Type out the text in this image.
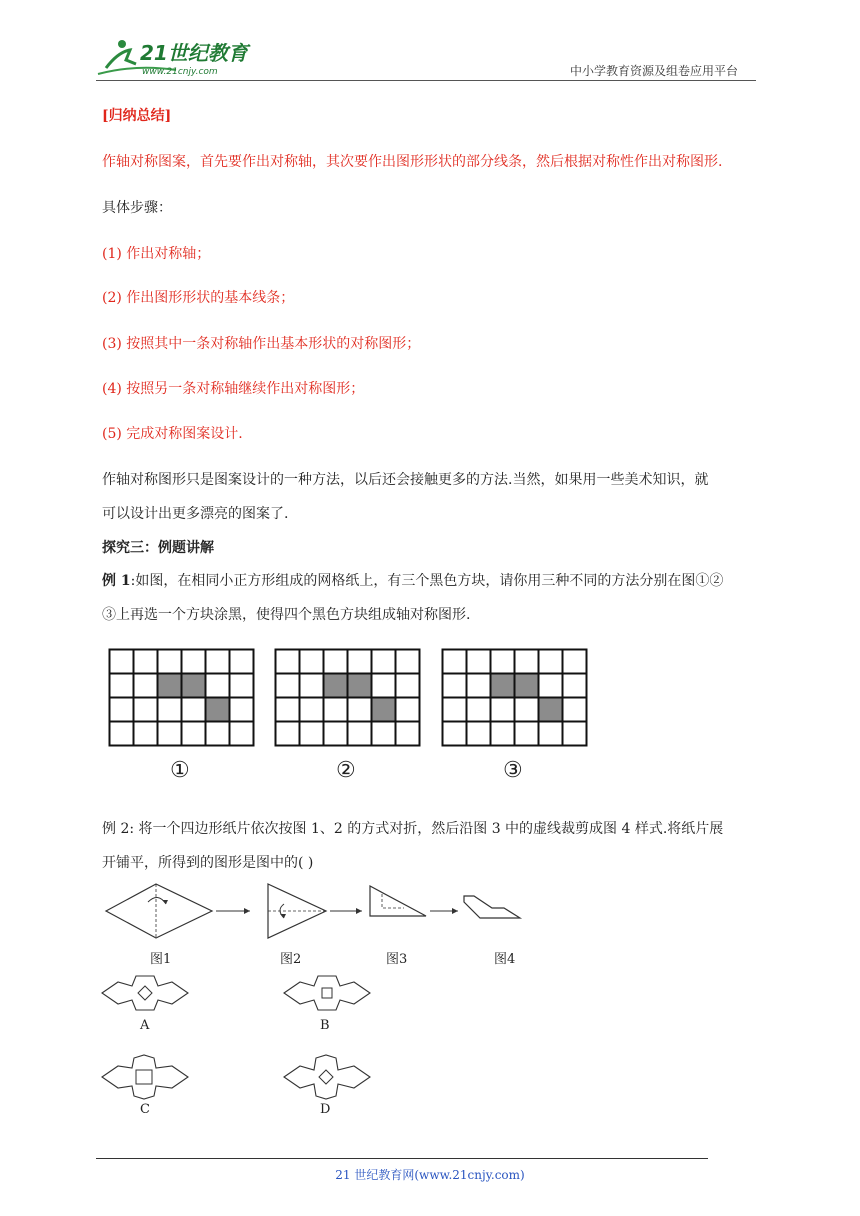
21世纪教育
www.21cnjy.com	中小学教育资源及组卷应用平台
[归纳总结]
作轴对称图案，首先要作出对称轴，其次要作出图形形状的部分线条，然后根据对称性作出对称图形.
具体步骤：
(1) 作出对称轴；
(2) 作出图形形状的基本线条；
(3) 按照其中一条对称轴作出基本形状的对称图形；
(4) 按照另一条对称轴继续作出对称图形；
(5) 完成对称图案设计.
作轴对称图形只是图案设计的一种方法，以后还会接触更多的方法.当然，如果用一些美术知识，就
可以设计出更多漂亮的图案了.
探究三：例题讲解
例 1:如图，在相同小正方形组成的网格纸上，有三个黑色方块，请你用三种不同的方法分别在图①②
③上再选一个方块涂黑，使得四个黑色方块组成轴对称图形.
①	②	③
例 2: 将一个四边形纸片依次按图 1、2 的方式对折，然后沿图 3 中的虚线裁剪成图 4 样式.将纸片展
开铺平，所得到的图形是图中的( )
图1	图2	图3	图4
A	B
C	D
21 世纪教育网(www.21cnjy.com)
